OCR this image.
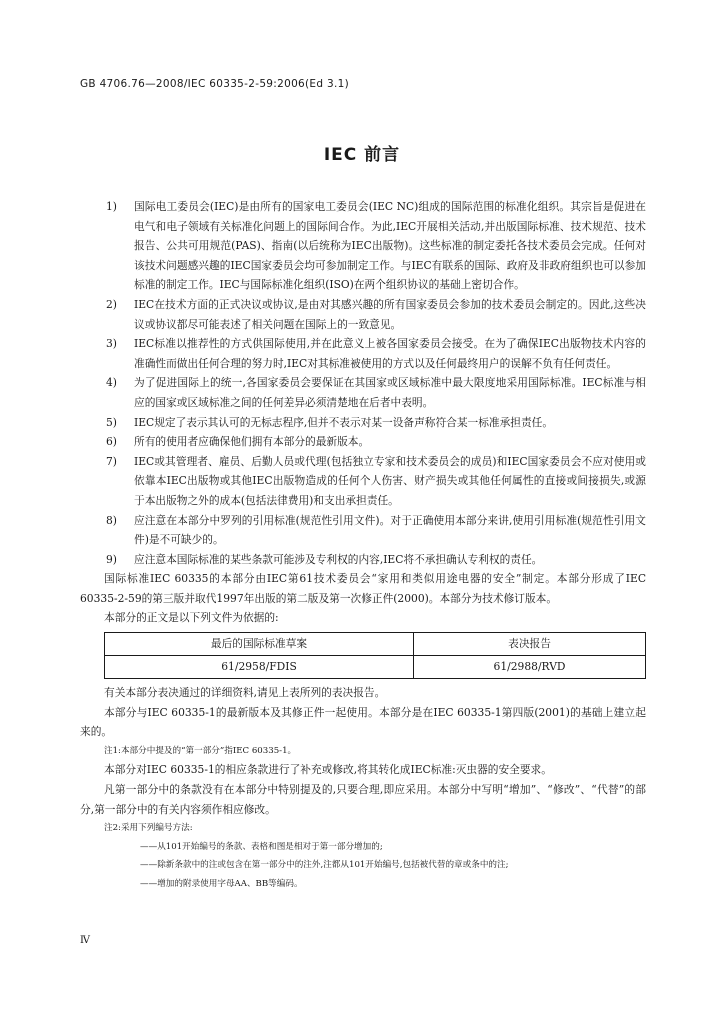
GB 4706.76—2008/IEC 60335-2-59:2006(Ed 3.1)
IEC 前言
1) 国际电工委员会(IEC)是由所有的国家电工委员会(IEC NC)组成的国际范围的标准化组织。其宗旨是促进在电气和电子领域有关标准化问题上的国际间合作。为此,IEC开展相关活动,并出版国际标准、技术规范、技术报告、公共可用规范(PAS)、指南(以后统称为IEC出版物)。这些标准的制定委托各技术委员会完成。任何对该技术问题感兴趣的IEC国家委员会均可参加制定工作。与IEC有联系的国际、政府及非政府组织也可以参加标准的制定工作。IEC与国际标准化组织(ISO)在两个组织协议的基础上密切合作。
2) IEC在技术方面的正式决议或协议,是由对其感兴趣的所有国家委员会参加的技术委员会制定的。因此,这些决议或协议都尽可能表述了相关问题在国际上的一致意见。
3) IEC标准以推荐性的方式供国际使用,并在此意义上被各国家委员会接受。在为了确保IEC出版物技术内容的准确性而做出任何合理的努力时,IEC对其标准被使用的方式以及任何最终用户的误解不负有任何责任。
4) 为了促进国际上的统一,各国家委员会要保证在其国家或区域标准中最大限度地采用国际标准。IEC标准与相应的国家或区域标准之间的任何差异必须清楚地在后者中表明。
5) IEC规定了表示其认可的无标志程序,但并不表示对某一设备声称符合某一标准承担责任。
6) 所有的使用者应确保他们拥有本部分的最新版本。
7) IEC或其管理者、雇员、后勤人员或代理(包括独立专家和技术委员会的成员)和IEC国家委员会不应对使用或依靠本IEC出版物或其他IEC出版物造成的任何个人伤害、财产损失或其他任何属性的直接或间接损失,或源于本出版物之外的成本(包括法律费用)和支出承担责任。
8) 应注意在本部分中罗列的引用标准(规范性引用文件)。对于正确使用本部分来讲,使用引用标准(规范性引用文件)是不可缺少的。
9) 应注意本国际标准的某些条款可能涉及专利权的内容,IEC将不承担确认专利权的责任。

国际标准IEC 60335的本部分由IEC第61技术委员会“家用和类似用途电器的安全”制定。本部分形成了IEC 60335-2-59的第三版并取代1997年出版的第二版及第一次修正件(2000)。本部分为技术修订版本。

本部分的正文是以下列文件为依据的:

最后的国际标准草案	表决报告
61/2958/FDIS	61/2988/RVD

有关本部分表决通过的详细资料,请见上表所列的表决报告。

本部分与IEC 60335-1的最新版本及其修正件一起使用。本部分是在IEC 60335-1第四版(2001)的基础上建立起来的。

注1:本部分中提及的“第一部分”指IEC 60335-1。

本部分对IEC 60335-1的相应条款进行了补充或修改,将其转化成IEC标准:灭虫器的安全要求。

凡第一部分中的条款没有在本部分中特别提及的,只要合理,即应采用。本部分中写明“增加”、“修改”、“代替”的部分,第一部分中的有关内容须作相应修改。

注2:采用下列编号方法:

——从101开始编号的条款、表格和图是相对于第一部分增加的;

——除新条款中的注或包含在第一部分中的注外,注都从101开始编号,包括被代替的章或条中的注;

——增加的附录使用字母AA、BB等编码。

Ⅳ
